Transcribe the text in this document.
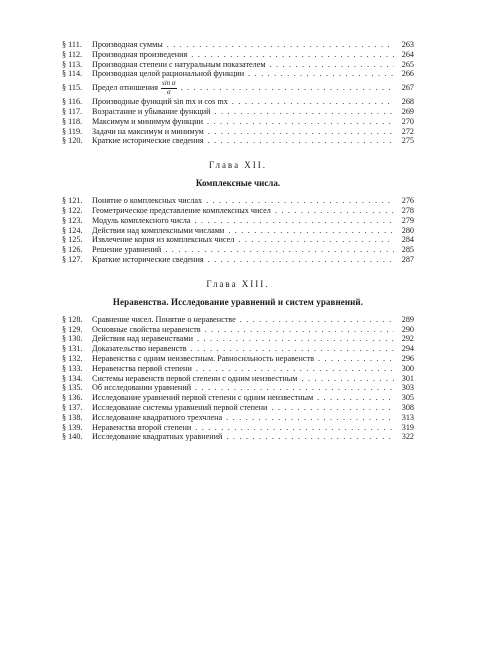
§ 111.	Производная суммы . . .	263
§ 112.	Производная произведения . . .	264
§ 113.	Производная степени с натуральным показателем . . .	265
§ 114.	Производная целой рациональной функции . . .	266
§ 115.	Предел отношения $\frac{\text{sin α}}{\alpha}$ . . .	267
§ 116.	Производные функций sin mx и cos mx . . .	268
§ 117.	Возрастание и убывание функций . . .	269
§ 118.	Максимум и минимум функции . . .	270
§ 119.	Задачи на максимум и минимум . . .	272
§ 120.	Краткие исторические сведения . . .	275
Глава XII.
Комплексные числа.
§ 121.	Понятие о комплексных числах . . .	276
§ 122.	Геометрическое представление комплексных чисел . . .	278
§ 123.	Модуль комплексного числа . . .	279
§ 124.	Действия над комплексными числами . . .	280
§ 125.	Извлечение корня из комплексных чисел . . .	284
§ 126.	Решение уравнений . . .	285
§ 127.	Краткие исторические сведения . . .	287
Глава XIII.
Неравенства. Исследование уравнений и систем уравнений.
§ 128.	Сравнение чисел. Понятие о неравенстве . . .	289
§ 129.	Основные свойства неравенств . . .	290
§ 130.	Действия над неравенствами . . .	292
§ 131.	Доказательство неравенств . . .	294
§ 132.	Неравенства с одним неизвестным. Равносильность неравенств . . .	296
§ 133.	Неравенства первой степени . . .	300
§ 134.	Системы неравенств первой степени с одним неизвестным . . .	301
§ 135.	Об исследовании уравнений . . .	303
§ 136.	Исследование уравнений первой степени с одним неизвестным . . .	305
§ 137.	Исследование системы уравнений первой степени . . .	308
§ 138.	Исследование квадратного трехчлена . . .	313
§ 139.	Неравенства второй степени . . .	319
§ 140.	Исследование квадратных уравнений . . .	322
